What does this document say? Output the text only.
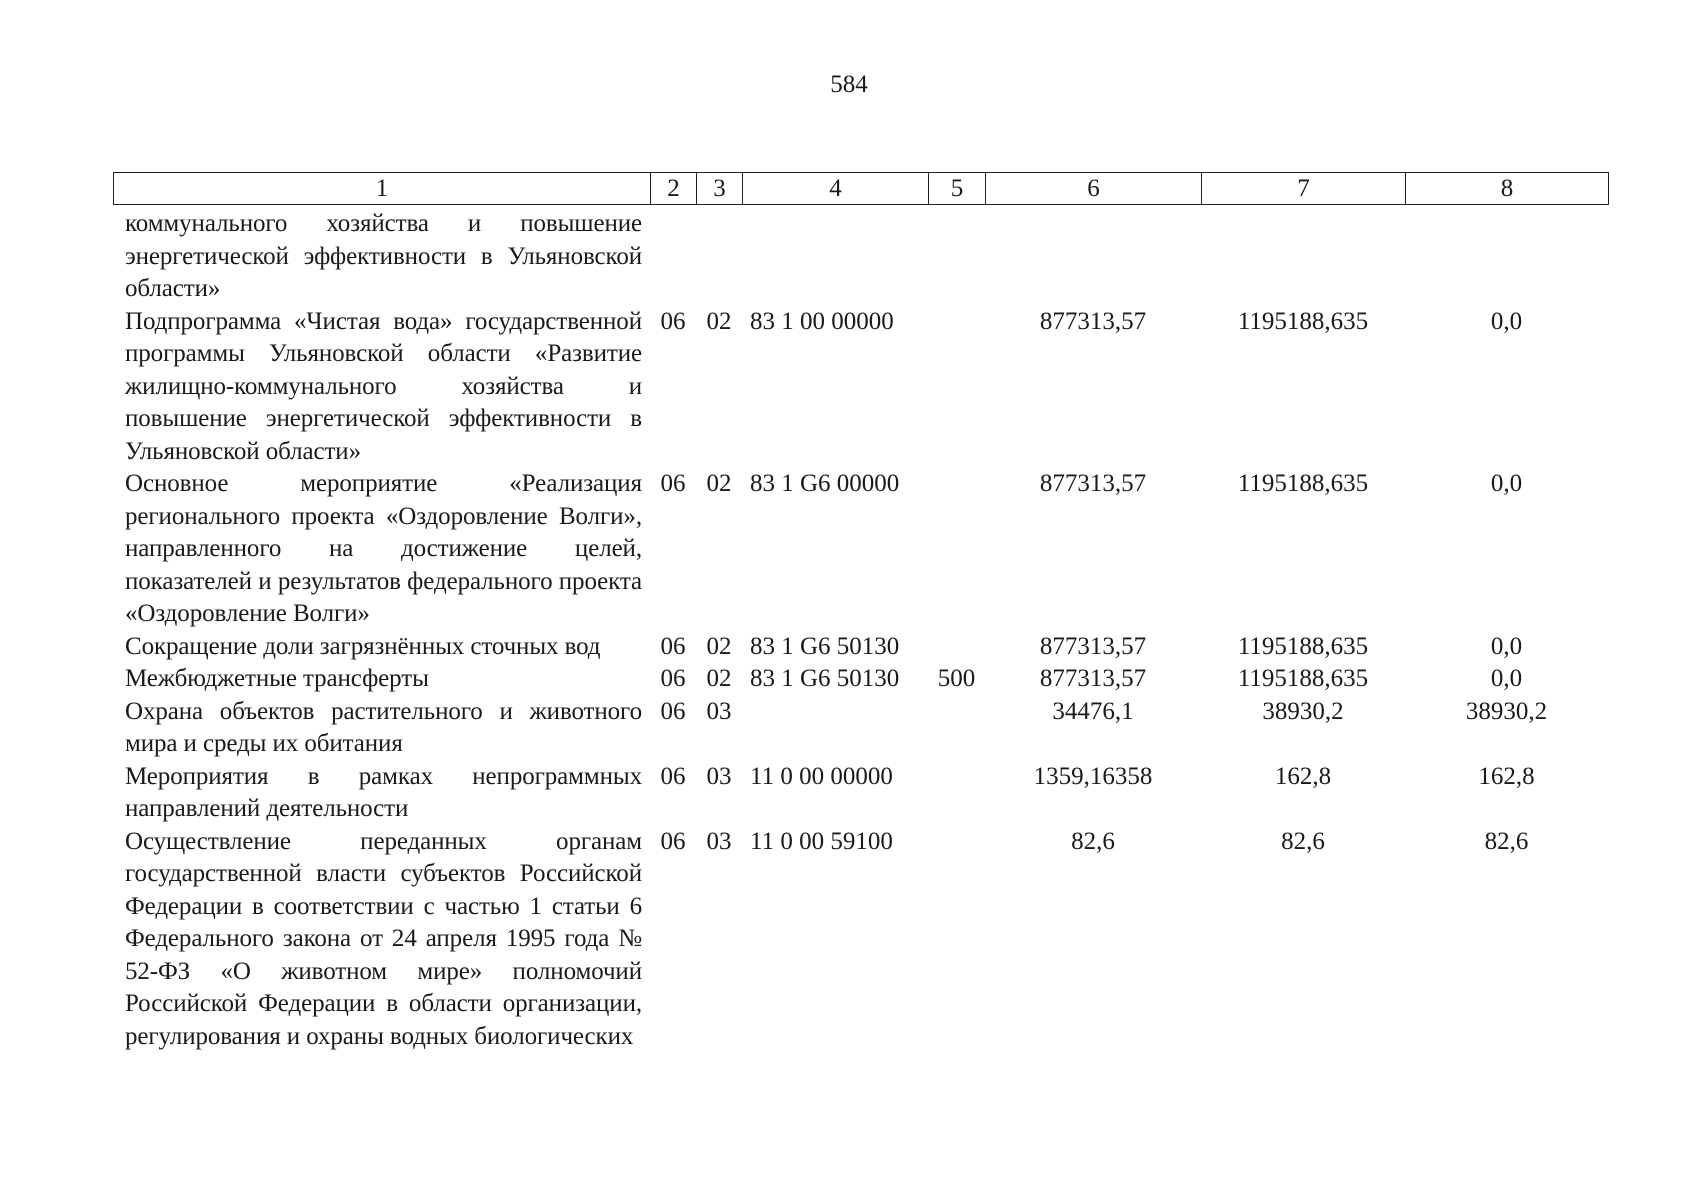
584
1	2	3	4	5	6	7	8
коммунального хозяйства и повышение энергетической эффективности в Ульяновской области»							
Подпрограмма «Чистая вода» государственной программы Ульяновской области «Развитие жилищно-коммунального хозяйства и повышение энергетической эффективности в Ульяновской области»	06	02	83 1 00 00000		877313,57	1195188,635	0,0
Основное мероприятие «Реализация регионального проекта «Оздоровление Волги», направленного на достижение целей, показателей и результатов федерального проекта «Оздоровление Волги»	06	02	83 1 G6 00000		877313,57	1195188,635	0,0
Сокращение доли загрязнённых сточных вод	06	02	83 1 G6 50130		877313,57	1195188,635	0,0
Межбюджетные трансферты	06	02	83 1 G6 50130	500	877313,57	1195188,635	0,0
Охрана объектов растительного и животного мира и среды их обитания	06	03			34476,1	38930,2	38930,2
Мероприятия в рамках непрограммных направлений деятельности	06	03	11 0 00 00000		1359,16358	162,8	162,8
Осуществление переданных органам государственной власти субъектов Российской Федерации в соответствии с частью 1 статьи 6 Федерального закона от 24 апреля 1995 года № 52-ФЗ «О животном мире» полномочий Российской Федерации в области организации, регулирования и охраны водных биологических	06	03	11 0 00 59100		82,6	82,6	82,6
